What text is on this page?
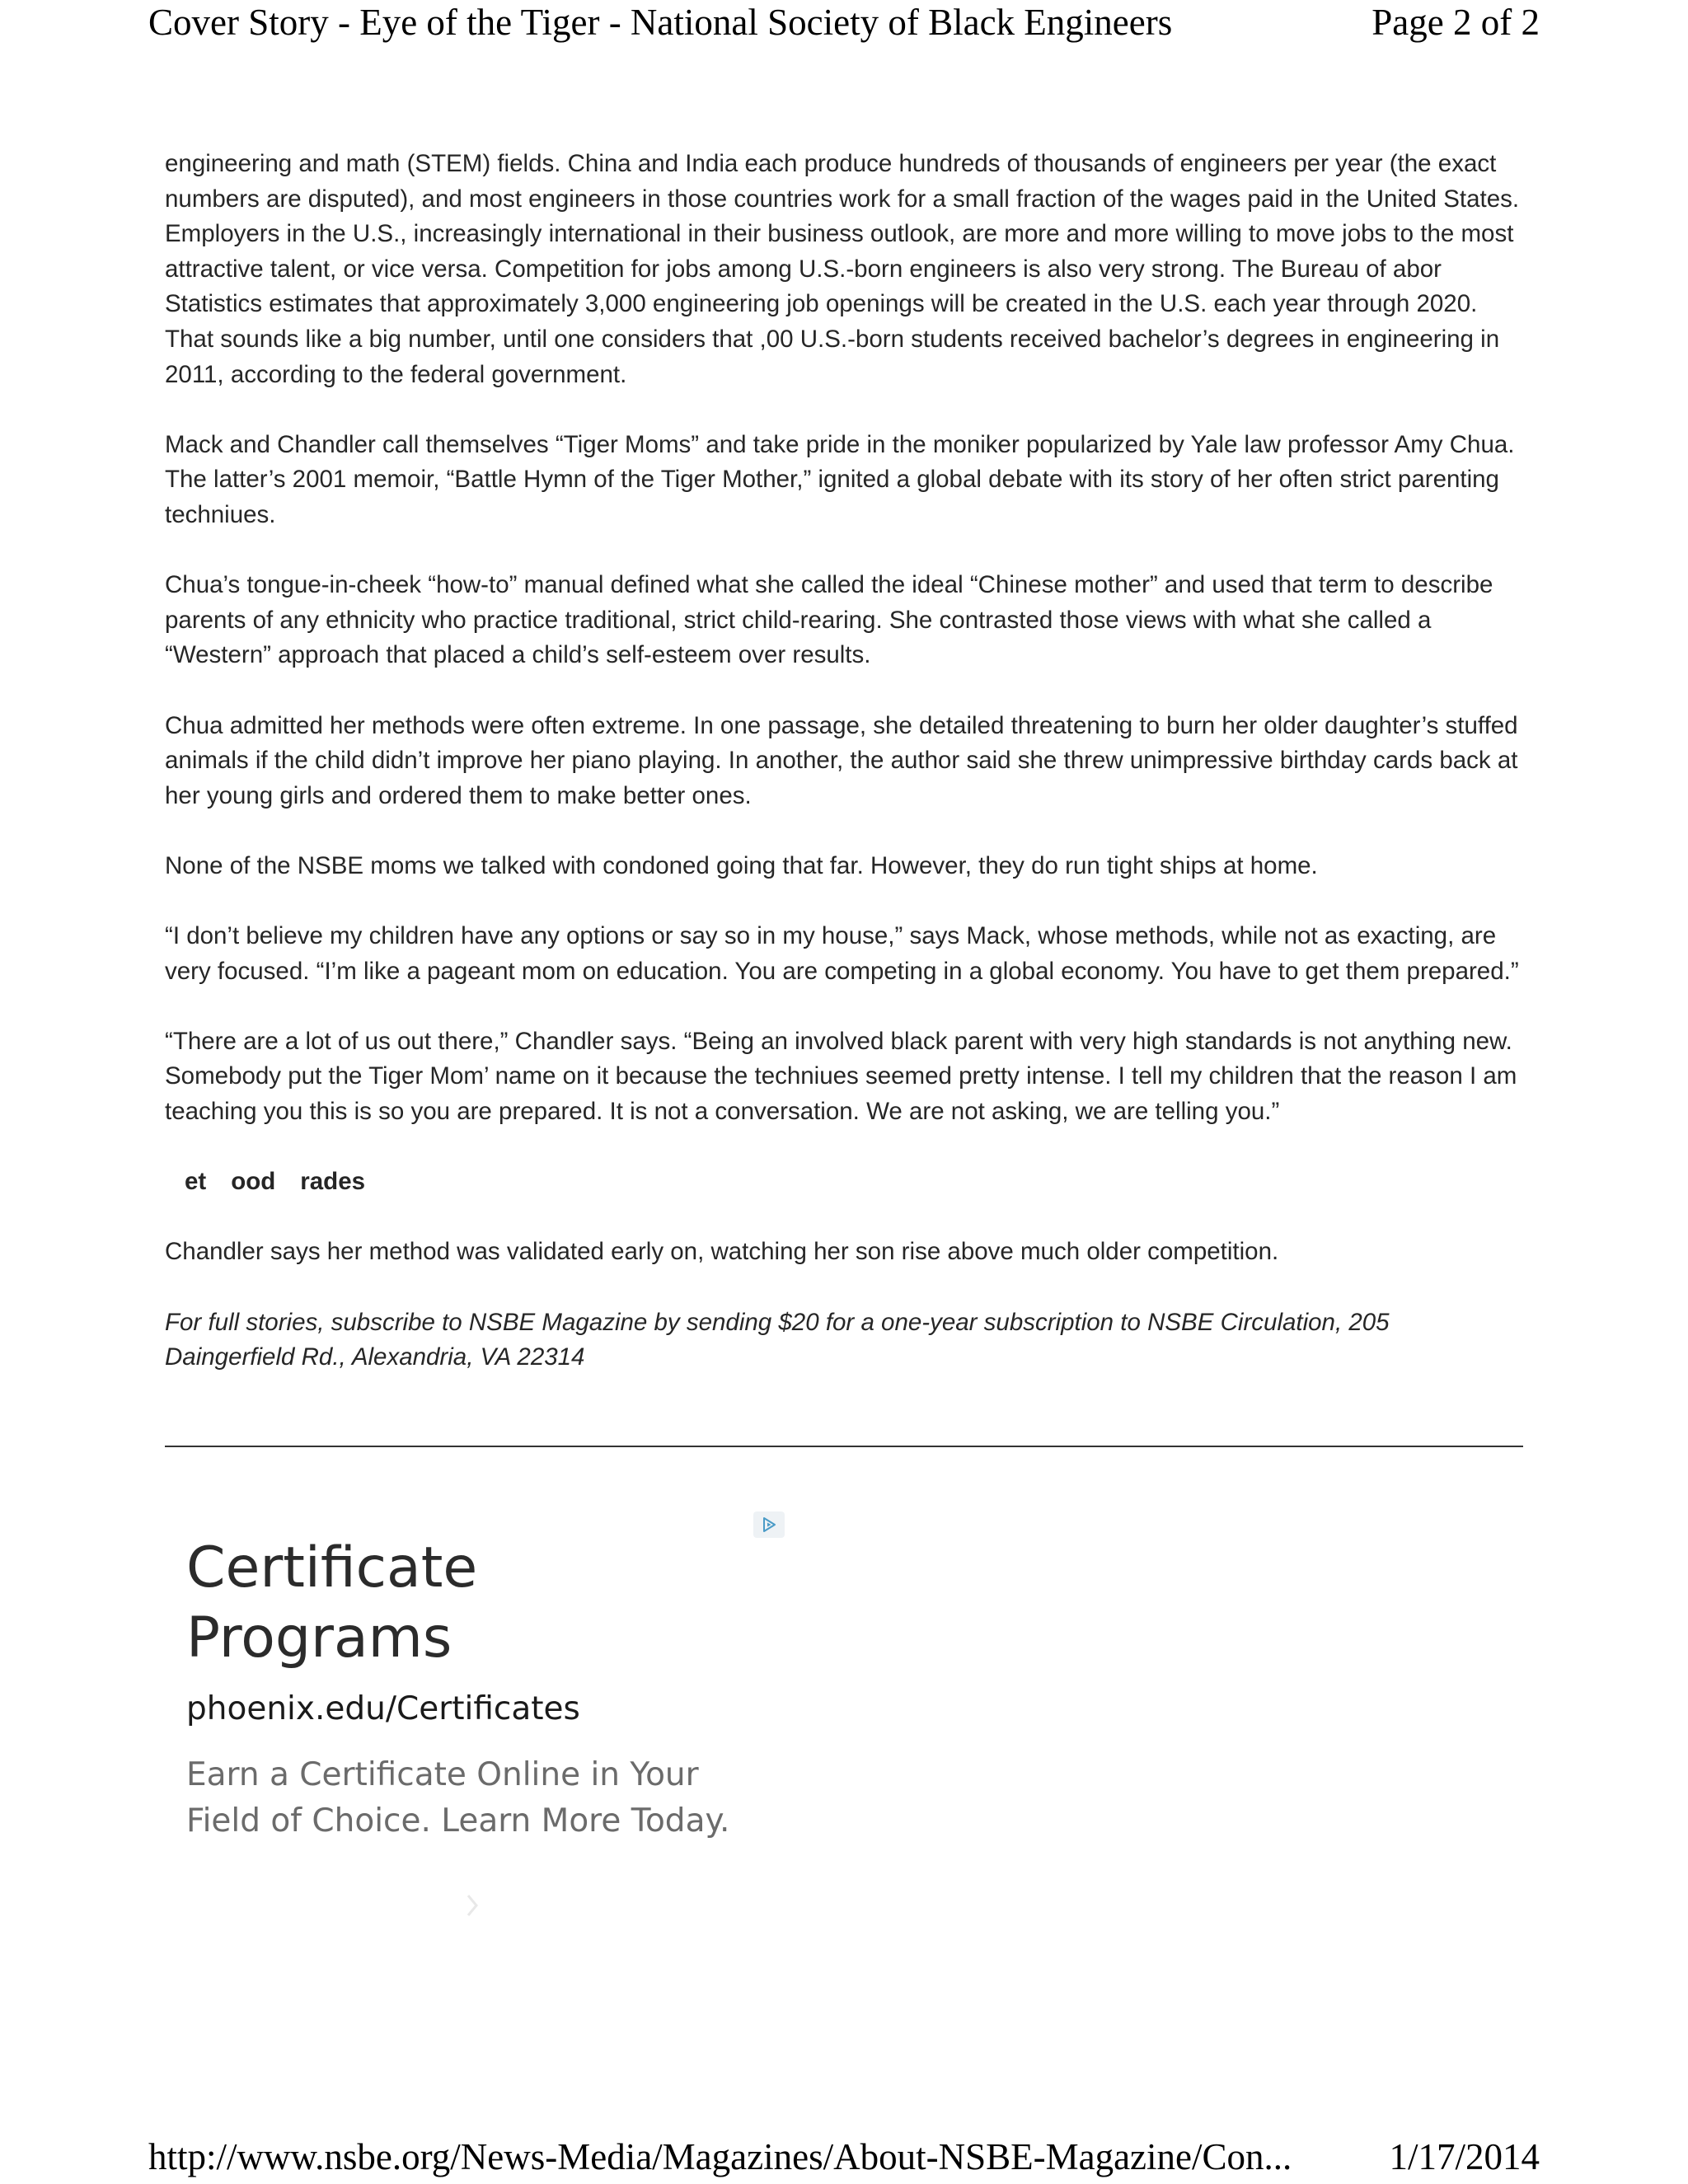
Cover Story - Eye of the Tiger - National Society of Black Engineers	Page 2 of 2

engineering and math (STEM) fields. China and India each produce hundreds of thousands of engineers per year (the exact numbers are disputed), and most engineers in those countries work for a small fraction of the wages paid in the United States. Employers in the U.S., increasingly international in their business outlook, are more and more willing to move jobs to the most attractive talent, or vice versa. Competition for jobs among U.S.-born engineers is also very strong. The Bureau of abor Statistics estimates that approximately 3,000 engineering job openings will be created in the U.S. each year through 2020. That sounds like a big number, until one considers that ,00 U.S.-born students received bachelor’s degrees in engineering in 2011, according to the federal government.

Mack and Chandler call themselves “Tiger Moms” and take pride in the moniker popularized by Yale law professor Amy Chua. The latter’s 2001 memoir, “Battle Hymn of the Tiger Mother,” ignited a global debate with its story of her often strict parenting techniues.

Chua’s tongue-in-cheek “how-to” manual defined what she called the ideal “Chinese mother” and used that term to describe parents of any ethnicity who practice traditional, strict child-rearing. She contrasted those views with what she called a “Western” approach that placed a child’s self-esteem over results.

Chua admitted her methods were often extreme. In one passage, she detailed threatening to burn her older daughter’s stuffed animals if the child didn’t improve her piano playing. In another, the author said she threw unimpressive birthday cards back at her young girls and ordered them to make better ones.

None of the NSBE moms we talked with condoned going that far. However, they do run tight ships at home.

“I don’t believe my children have any options or say so in my house,” says Mack, whose methods, while not as exacting, are very focused. “I’m like a pageant mom on education. You are competing in a global economy. You have to get them prepared.”

“There are a lot of us out there,” Chandler says. “Being an involved black parent with very high standards is not anything new. Somebody put the Tiger Mom’ name on it because the techniues seemed pretty intense. I tell my children that the reason I am teaching you this is so you are prepared. It is not a conversation. We are not asking, we are telling you.”

et ood rades

Chandler says her method was validated early on, watching her son rise above much older competition.

For full stories, subscribe to NSBE Magazine by sending $20 for a one-year subscription to NSBE Circulation, 205 Daingerfield Rd., Alexandria, VA 22314

Certificate
Programs
phoenix.edu/Certificates
Earn a Certificate Online in Your
Field of Choice. Learn More Today.
http://www.nsbe.org/News-Media/Magazines/About-NSBE-Magazine/Con...	1/17/2014
